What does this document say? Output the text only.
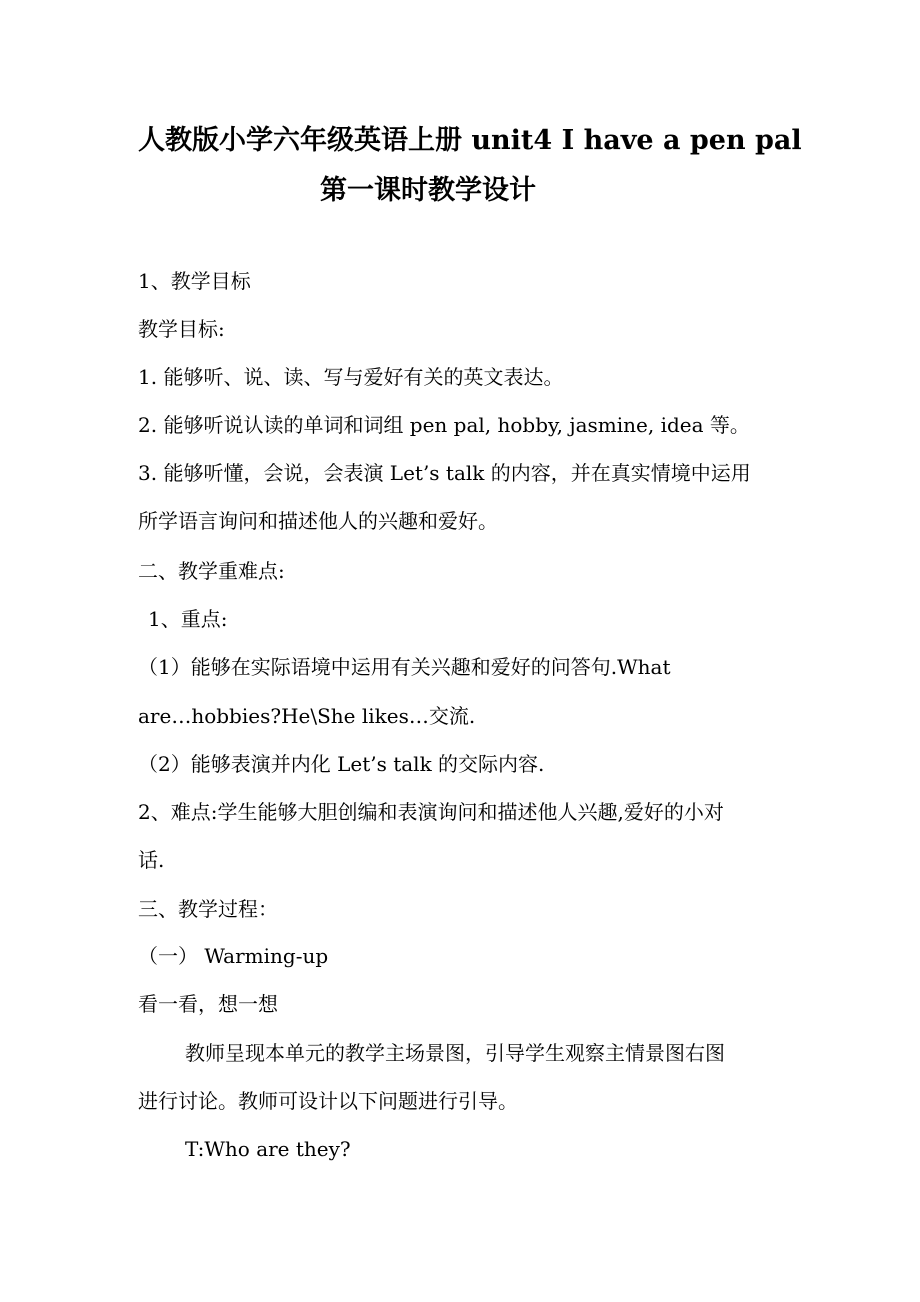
人教版小学六年级英语上册 unit4 I have a pen pal
第一课时教学设计
1、教学目标
教学目标:
1. 能够听、说、读、写与爱好有关的英文表达。
2. 能够听说认读的单词和词组 pen pal, hobby, jasmine, idea 等。
3. 能够听懂，会说，会表演 Let’s talk 的内容，并在真实情境中运用
所学语言询问和描述他人的兴趣和爱好。
二、教学重难点:
1、重点:
（1）能够在实际语境中运用有关兴趣和爱好的问答句.What
are…hobbies?He\She likes…交流.
（2）能够表演并内化 Let’s talk 的交际内容.
2、难点:学生能够大胆创编和表演询问和描述他人兴趣,爱好的小对
话.
三、教学过程：
（一） Warming-up
看一看，想一想
教师呈现本单元的教学主场景图，引导学生观察主情景图右图
进行讨论。教师可设计以下问题进行引导。
T:Who are they?
